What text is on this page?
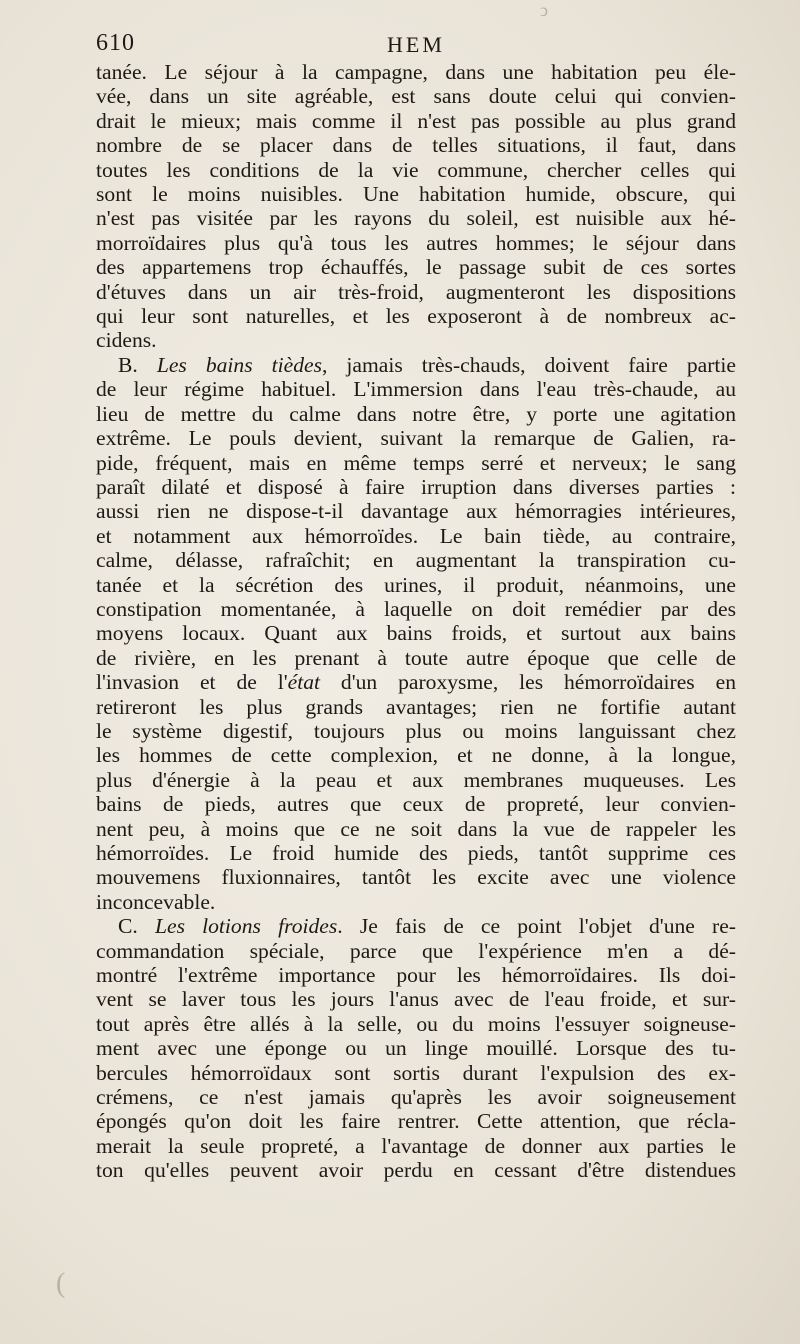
610	HEM
tanée. Le séjour à la campagne, dans une habitation peu éle-
vée, dans un site agréable, est sans doute celui qui convien-
drait le mieux; mais comme il n'est pas possible au plus grand
nombre de se placer dans de telles situations, il faut, dans
toutes les conditions de la vie commune, chercher celles qui
sont le moins nuisibles. Une habitation humide, obscure, qui
n'est pas visitée par les rayons du soleil, est nuisible aux hé-
morroïdaires plus qu'à tous les autres hommes; le séjour dans
des appartemens trop échauffés, le passage subit de ces sortes
d'étuves dans un air très-froid, augmenteront les dispositions
qui leur sont naturelles, et les exposeront à de nombreux ac-
cidens.
B. Les bains tièdes, jamais très-chauds, doivent faire partie
de leur régime habituel. L'immersion dans l'eau très-chaude, au
lieu de mettre du calme dans notre être, y porte une agitation
extrême. Le pouls devient, suivant la remarque de Galien, ra-
pide, fréquent, mais en même temps serré et nerveux; le sang
paraît dilaté et disposé à faire irruption dans diverses parties :
aussi rien ne dispose-t-il davantage aux hémorragies intérieures,
et notamment aux hémorroïdes. Le bain tiède, au contraire,
calme, délasse, rafraîchit; en augmentant la transpiration cu-
tanée et la sécrétion des urines, il produit, néanmoins, une
constipation momentanée, à laquelle on doit remédier par des
moyens locaux. Quant aux bains froids, et surtout aux bains
de rivière, en les prenant à toute autre époque que celle de
l'invasion et de l'état d'un paroxysme, les hémorroïdaires en
retireront les plus grands avantages; rien ne fortifie autant
le système digestif, toujours plus ou moins languissant chez
les hommes de cette complexion, et ne donne, à la longue,
plus d'énergie à la peau et aux membranes muqueuses. Les
bains de pieds, autres que ceux de propreté, leur convien-
nent peu, à moins que ce ne soit dans la vue de rappeler les
hémorroïdes. Le froid humide des pieds, tantôt supprime ces
mouvemens fluxionnaires, tantôt les excite avec une violence
inconcevable.
C. Les lotions froides. Je fais de ce point l'objet d'une re-
commandation spéciale, parce que l'expérience m'en a dé-
montré l'extrême importance pour les hémorroïdaires. Ils doi-
vent se laver tous les jours l'anus avec de l'eau froide, et sur-
tout après être allés à la selle, ou du moins l'essuyer soigneuse-
ment avec une éponge ou un linge mouillé. Lorsque des tu-
bercules hémorroïdaux sont sortis durant l'expulsion des ex-
crémens, ce n'est jamais qu'après les avoir soigneusement
épongés qu'on doit les faire rentrer. Cette attention, que récla-
merait la seule propreté, a l'avantage de donner aux parties le
ton qu'elles peuvent avoir perdu en cessant d'être distendues
ↄ
(
